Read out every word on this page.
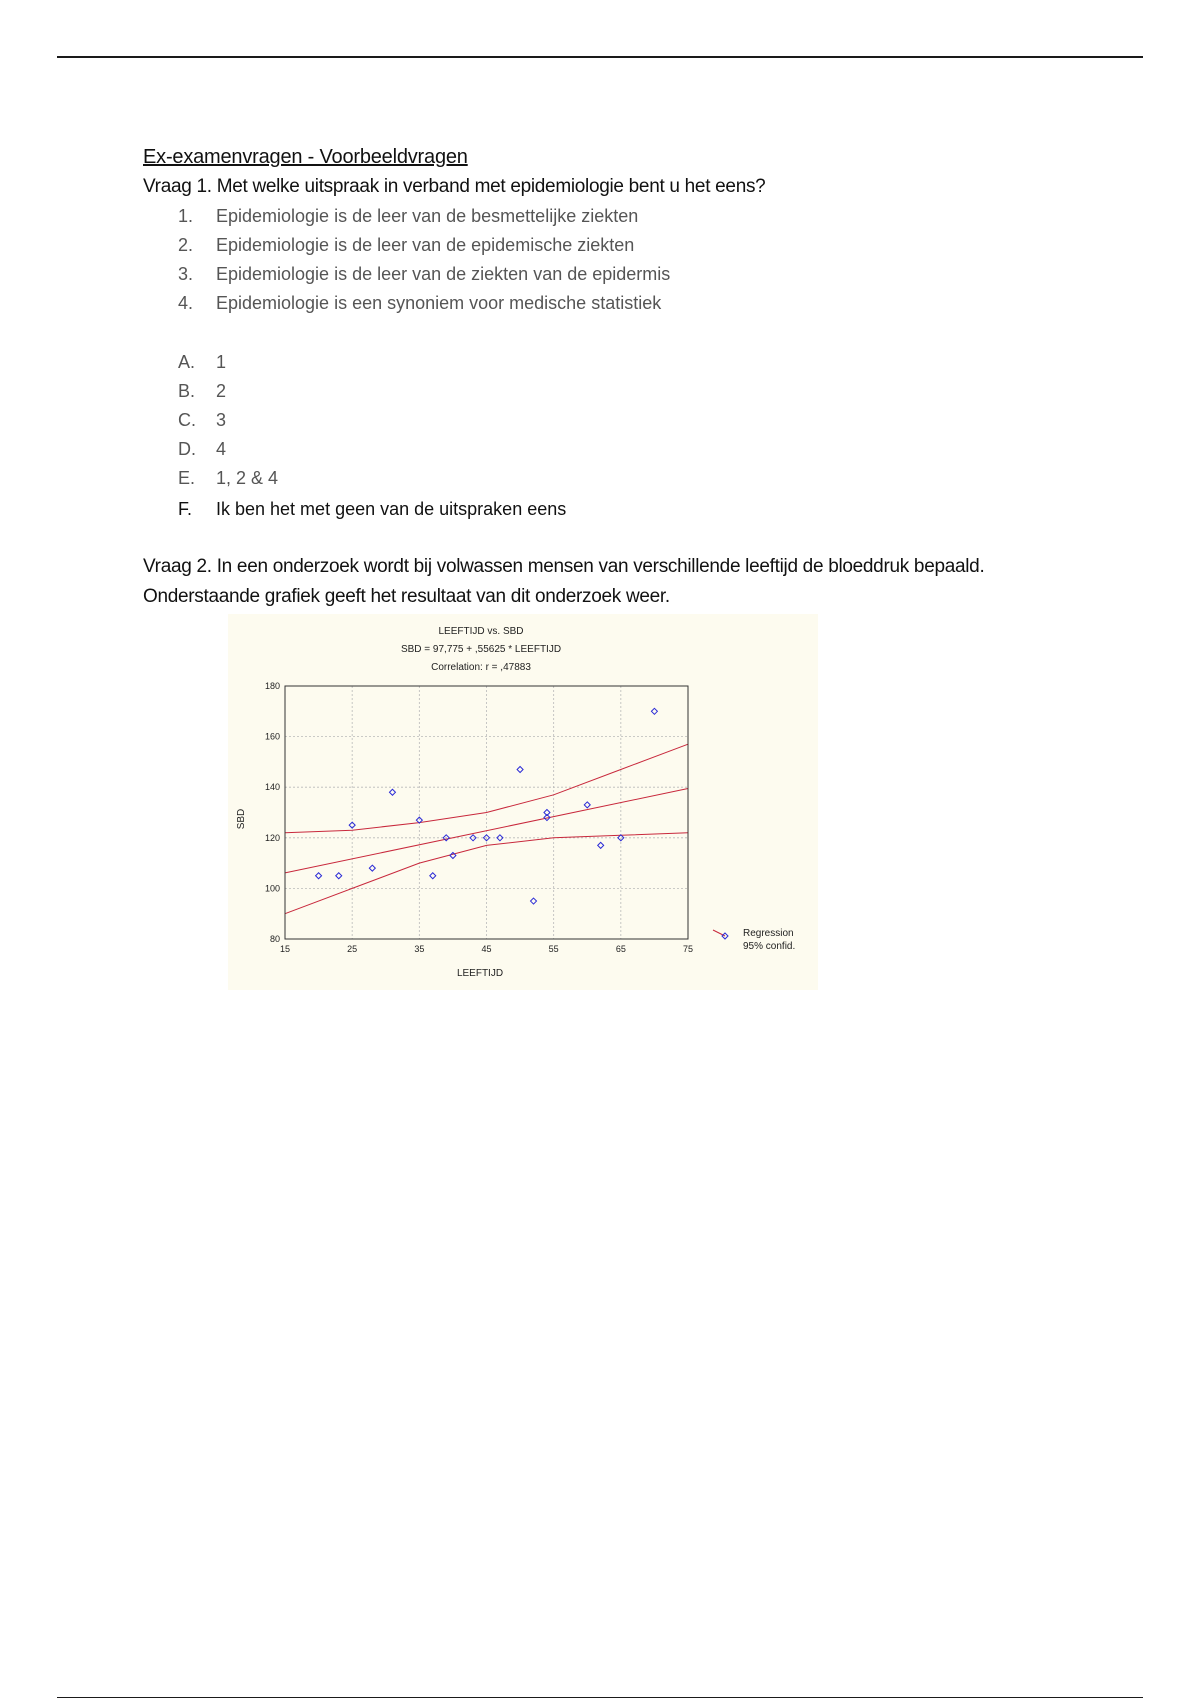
Ex-examenvragen - Voorbeeldvragen
Vraag 1. Met welke uitspraak in verband met epidemiologie bent u het eens?
1. Epidemiologie is de leer van de besmettelijke ziekten
2. Epidemiologie is de leer van de epidemische ziekten
3. Epidemiologie is de leer van de ziekten van de epidermis
4. Epidemiologie is een synoniem voor medische statistiek
A. 1
B. 2
C. 3
D. 4
E. 1, 2 & 4
F. Ik ben het met geen van de uitspraken eens
Vraag 2. In een onderzoek wordt bij volwassen mensen van verschillende leeftijd de bloeddruk bepaald.
Onderstaande grafiek geeft het resultaat van dit onderzoek weer.
LEEFTIJD vs. SBD
SBD = 97,775 + ,55625 * LEEFTIJD
Correlation: r = ,47883
15	25	35	45	55	65	75
80
100
120
140
160
180
LEEFTIJD
SBD
Regression
95% confid.
